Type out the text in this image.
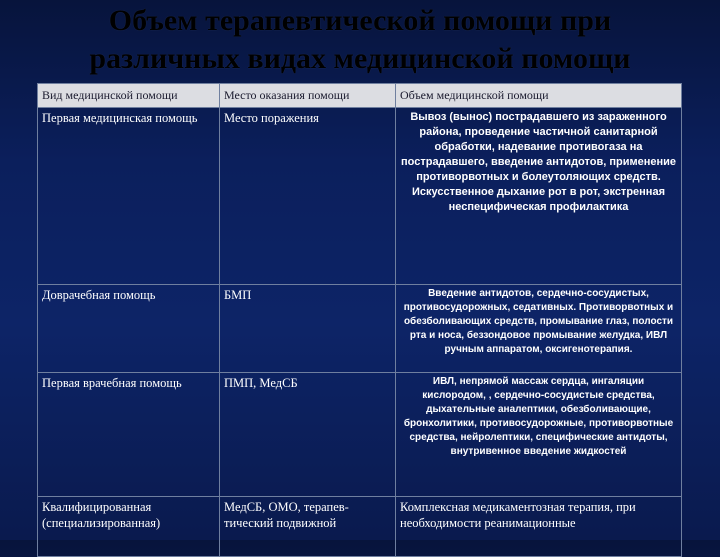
Объем терапевтической помощи при
различных видах медицинской помощи
Вид медицинской помощи	Место оказания помощи	Объем медицинской помощи
Первая медицинская помощь	Место поражения	Вывоз (вынос) пострадавшего из зараженного района, проведение частичной санитарной обработки, надевание противогаза на пострадавшего, введение антидотов, применение противорвотных и болеутоляющих средств. Искусственное дыхание рот в рот, экстренная неспецифическая профилактика
Доврачебная помощь	БМП	Введение антидотов, сердечно-сосудистых, противосудорожных, седативных. Противорвотных и обезболивающих средств, промывание глаз, полости рта и носа, беззондовое промывание желудка, ИВЛ ручным аппаратом, оксигенотерапия.
Первая врачебная помощь	ПМП, МедСБ	ИВЛ, непрямой массаж сердца, ингаляции кислородом, , сердечно-сосудистые средства, дыхательные аналептики, обезболивающие, бронхолитики, противосудорожные, противорвотные средства, нейролептики, специфические антидоты, внутривенное введение жидкостей
Квалифицированная (специализированная)	МедСБ, ОМО, терапев-тический подвижной	Комплексная медикаментозная терапия, при необходимости реанимационные
